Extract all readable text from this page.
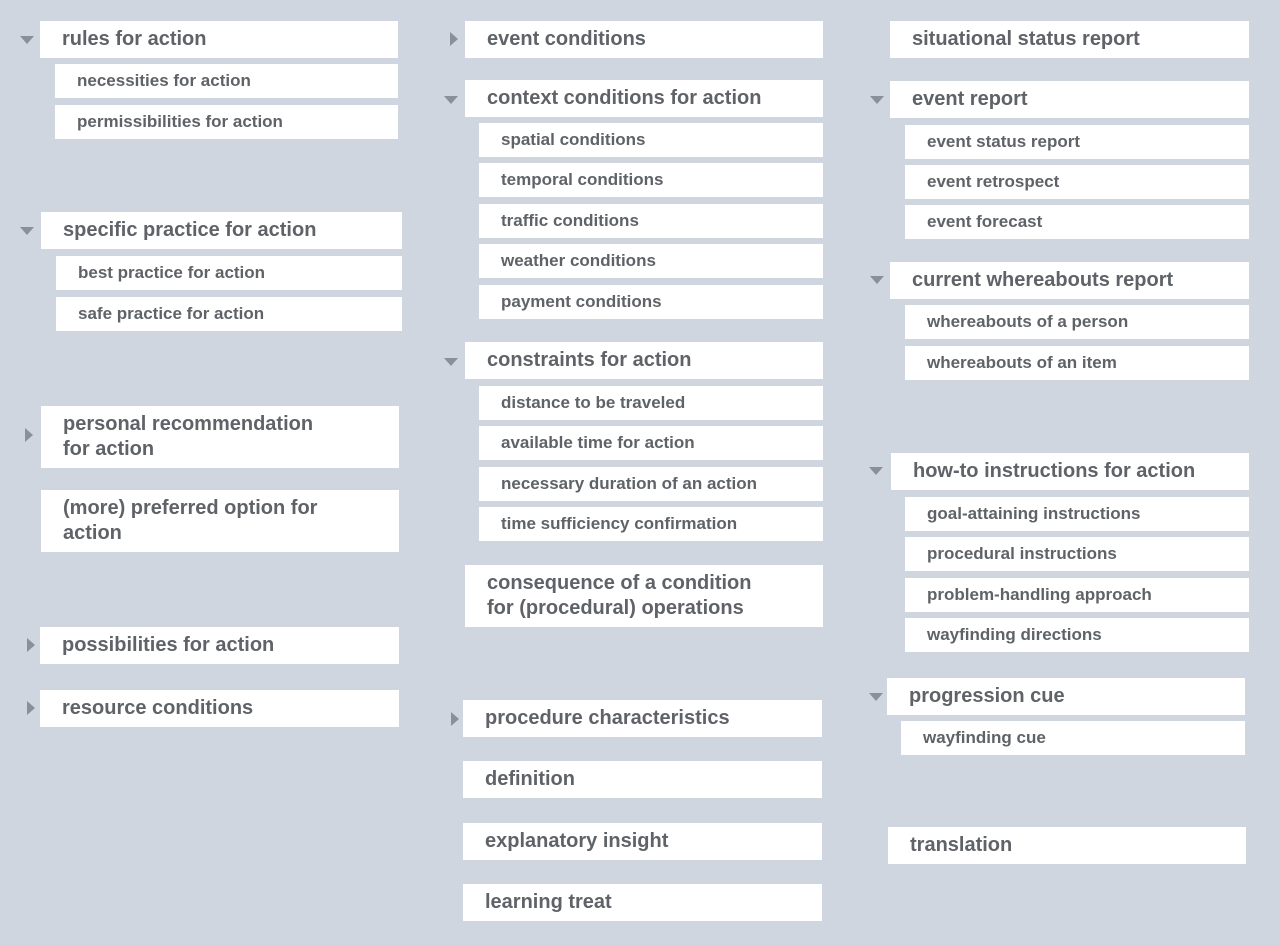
rules for action
necessities for action
permissibilities for action
specific practice for action
best practice for action
safe practice for action
personal recommendation
for action
(more) preferred option for
action
possibilities for action
resource conditions
event conditions
context conditions for action
spatial conditions
temporal conditions
traffic conditions
weather conditions
payment conditions
constraints for action
distance to be traveled
available time for action
necessary duration of an action
time sufficiency confirmation
consequence of a condition
for (procedural) operations
procedure characteristics
definition
explanatory insight
learning treat
situational status report
event report
event status report
event retrospect
event forecast
current whereabouts report
whereabouts of a person
whereabouts of an item
how-to instructions for action
goal-attaining instructions
procedural instructions
problem-handling approach
wayfinding directions
progression cue
wayfinding cue
translation
